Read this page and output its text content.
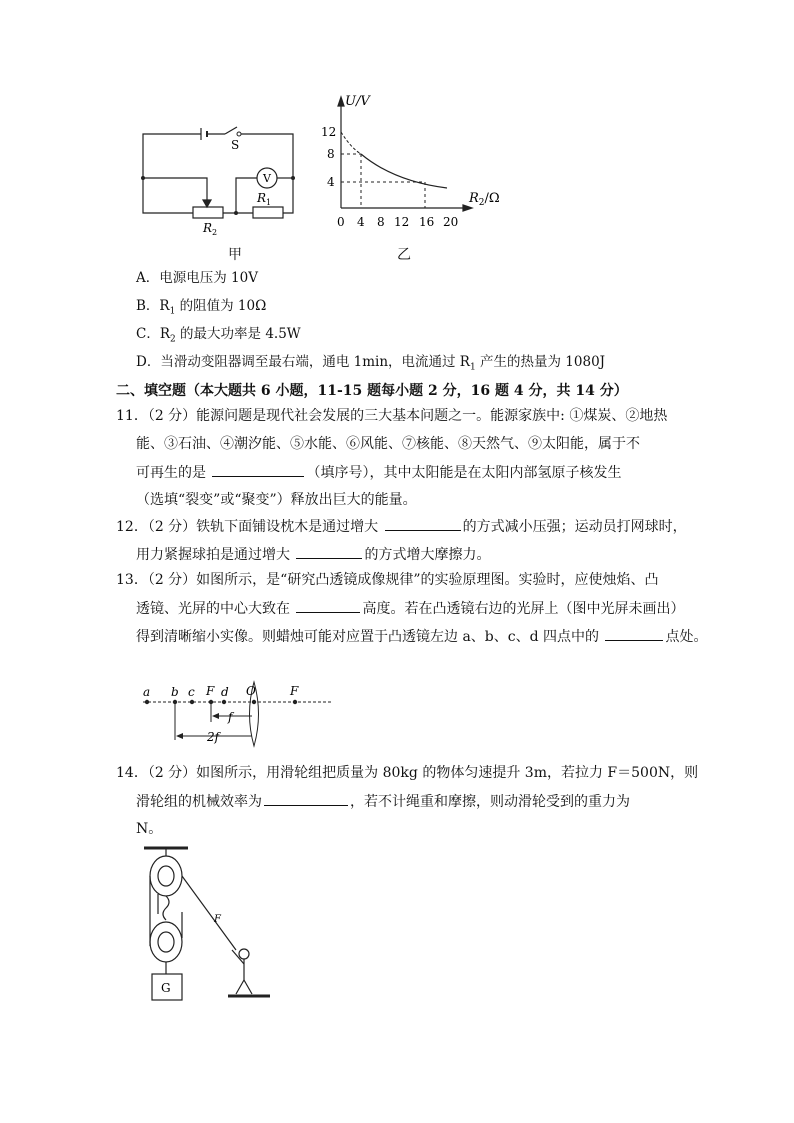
S
V
$R_1$
$R_2$
甲
U/V
12
8
4
0 4 8 12 16 20
$R_2/\Omega$
乙
A．电源电压为 10V
B．$R_1$ 的阻值为 10Ω
C．$R_2$ 的最大功率是 4.5W
D．当滑动变阻器调至最右端，通电 1min，电流通过 $R_1$ 产生的热量为 1080J
二、填空题（本大题共 6 小题，11-15 题每小题 2 分，16 题 4 分，共 14 分）
11．（2 分）能源问题是现代社会发展的三大基本问题之一。能源家族中: ①煤炭、②地热
能、③石油、④潮汐能、⑤水能、⑥风能、⑦核能、⑧天然气、⑨太阳能，属于不
可再生的是	（填序号），其中太阳能是在太阳内部氢原子核发生
（选填“裂变”或“聚变”）释放出巨大的能量。
12．（2 分）铁轨下面铺设枕木是通过增大	的方式减小压强；运动员打网球时，
用力紧握球拍是通过增大	的方式增大摩擦力。
13．（2 分）如图所示，是“研究凸透镜成像规律”的实验原理图。实验时，应使烛焰、凸
透镜、光屏的中心大致在	高度。若在凸透镜右边的光屏上（图中光屏未画出）
得到清晰缩小实像。则蜡烛可能对应置于凸透镜左边 a、b、c、d 四点中的	点处。
a b c F d O	F
f
2f
14．（2 分）如图所示，用滑轮组把质量为 80kg 的物体匀速提升 3m，若拉力 F＝500N，则
滑轮组的机械效率为	，若不计绳重和摩擦，则动滑轮受到的重力为
N。
G
F
